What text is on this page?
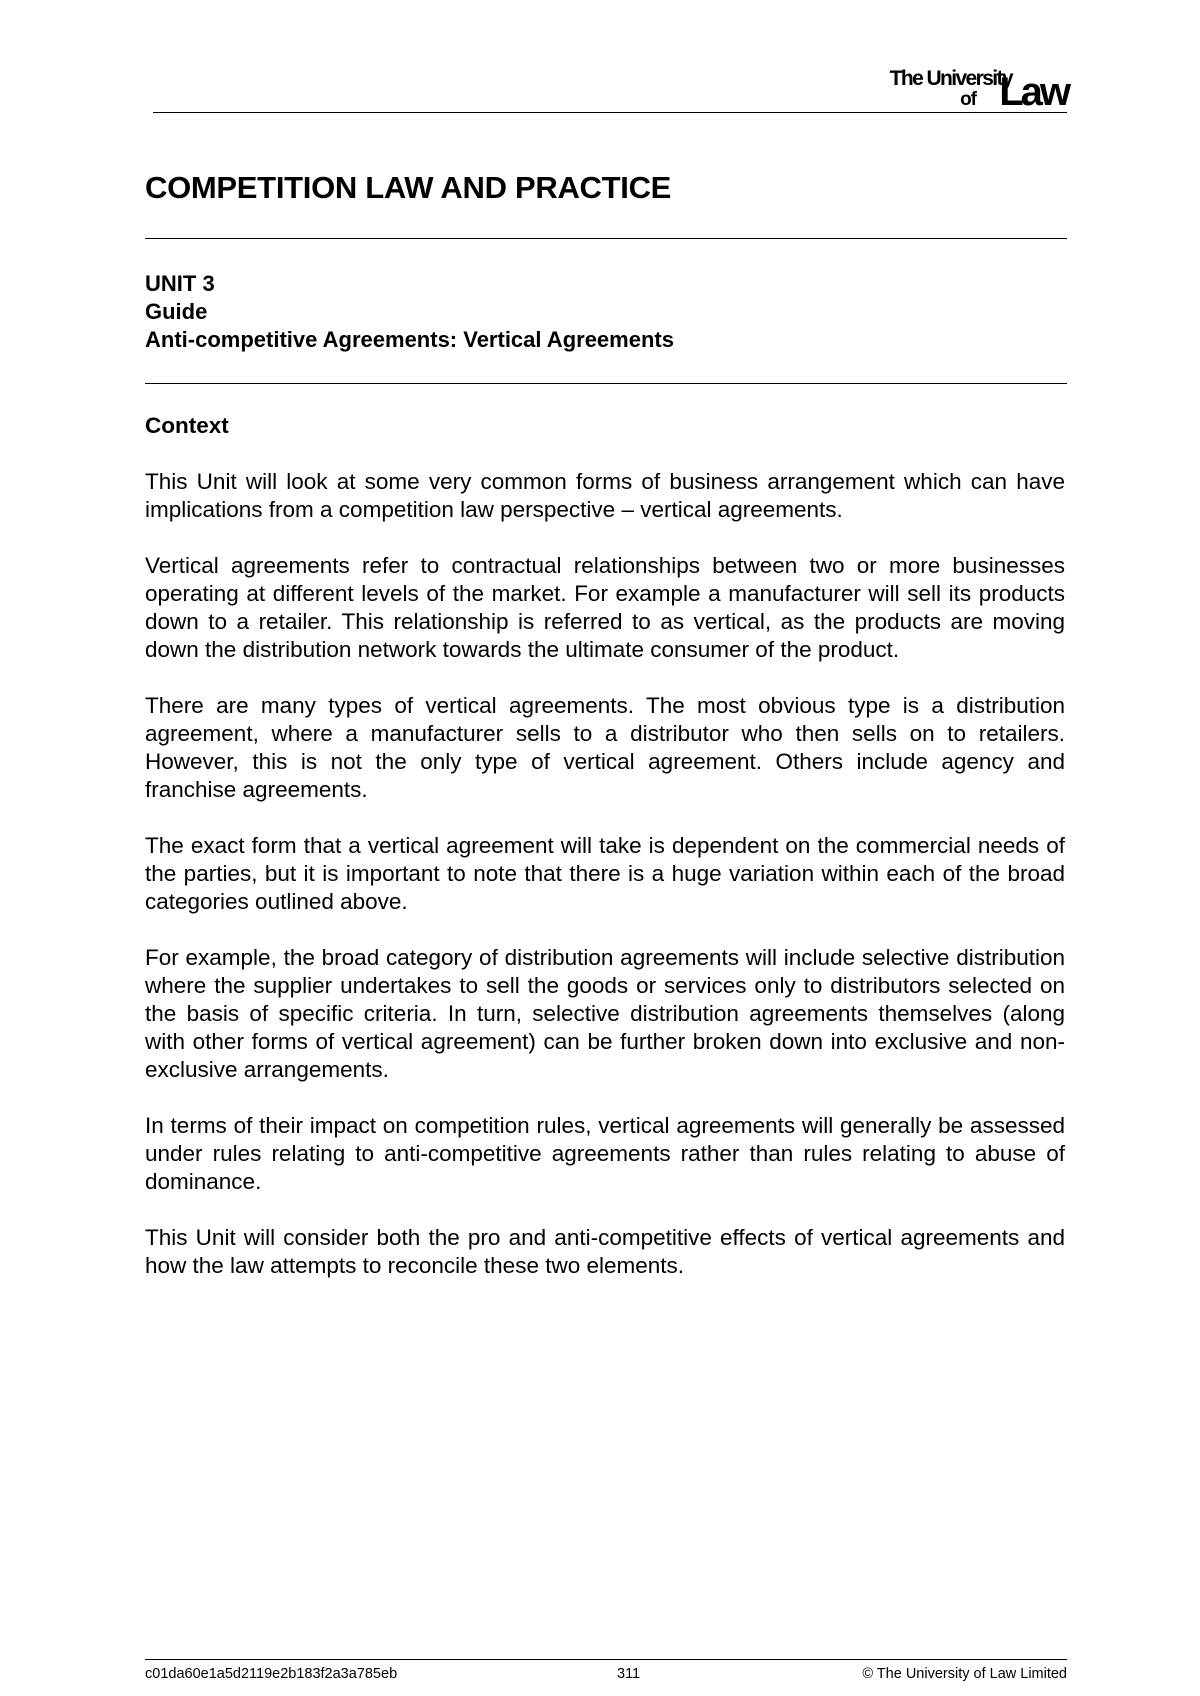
The University
of Law
COMPETITION LAW AND PRACTICE
UNIT 3
Guide
Anti-competitive Agreements: Vertical Agreements
Context

This Unit will look at some very common forms of business arrangement which can have implications from a competition law perspective – vertical agreements.

Vertical agreements refer to contractual relationships between two or more businesses operating at different levels of the market. For example a manufacturer will sell its products down to a retailer. This relationship is referred to as vertical, as the products are moving down the distribution network towards the ultimate consumer of the product.

There are many types of vertical agreements. The most obvious type is a distribution agreement, where a manufacturer sells to a distributor who then sells on to retailers. However, this is not the only type of vertical agreement. Others include agency and franchise agreements.

The exact form that a vertical agreement will take is dependent on the commercial needs of the parties, but it is important to note that there is a huge variation within each of the broad categories outlined above.

For example, the broad category of distribution agreements will include selective distribution where the supplier undertakes to sell the goods or services only to distributors selected on the basis of specific criteria. In turn, selective distribution agreements themselves (along with other forms of vertical agreement) can be further broken down into exclusive and non-exclusive arrangements.

In terms of their impact on competition rules, vertical agreements will generally be assessed under rules relating to anti-competitive agreements rather than rules relating to abuse of dominance.

This Unit will consider both the pro and anti-competitive effects of vertical agreements and how the law attempts to reconcile these two elements.

c01da60e1a5d2119e2b183f2a3a785eb	311	© The University of Law Limited
